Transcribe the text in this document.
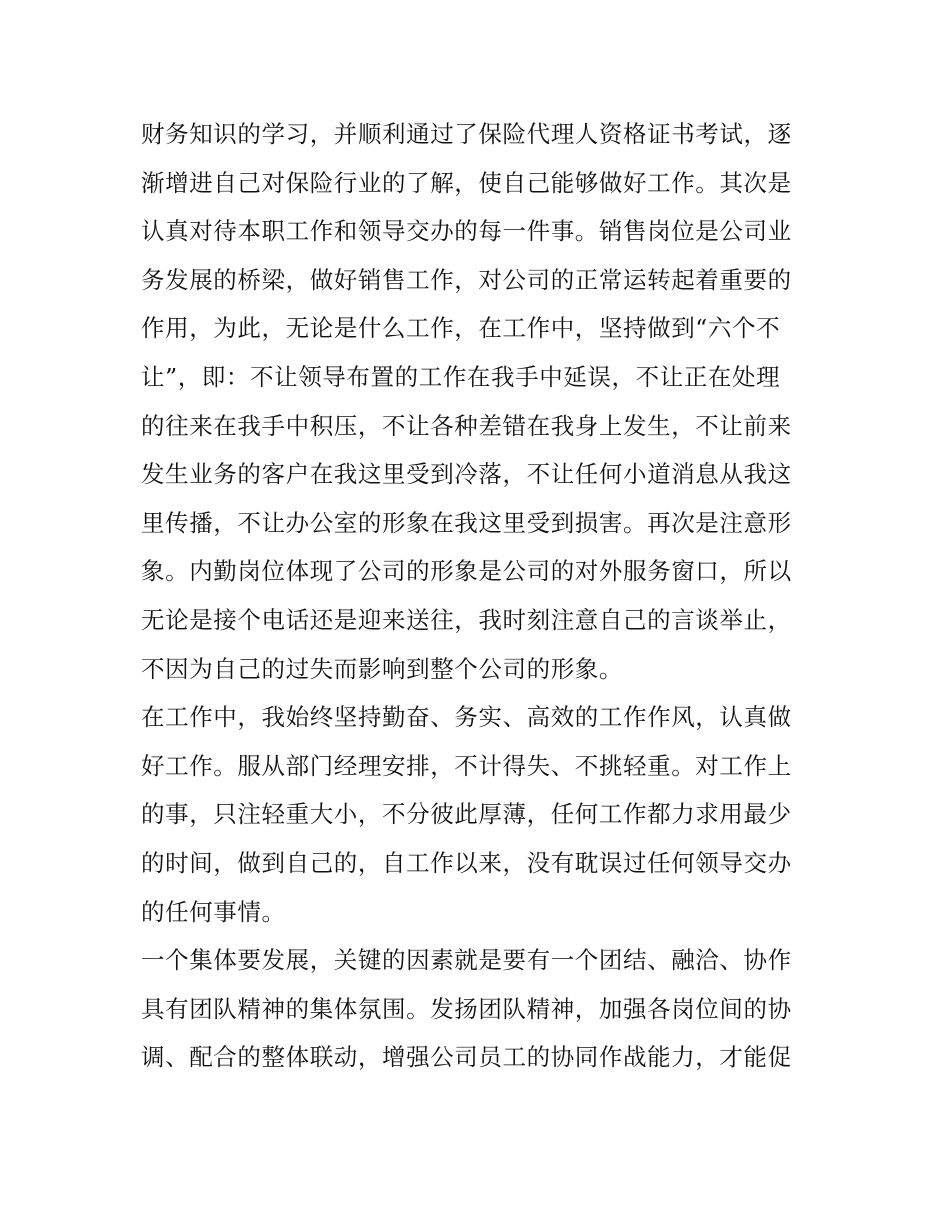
财务知识的学习，并顺利通过了保险代理人资格证书考试，逐
渐增进自己对保险行业的了解，使自己能够做好工作。其次是
认真对待本职工作和领导交办的每一件事。销售岗位是公司业
务发展的桥梁，做好销售工作，对公司的正常运转起着重要的
作用，为此，无论是什么工作，在工作中，坚持做到“六个不
让”，即：不让领导布置的工作在我手中延误，不让正在处理
的往来在我手中积压，不让各种差错在我身上发生，不让前来
发生业务的客户在我这里受到冷落，不让任何小道消息从我这
里传播，不让办公室的形象在我这里受到损害。再次是注意形
象。内勤岗位体现了公司的形象是公司的对外服务窗口，所以
无论是接个电话还是迎来送往，我时刻注意自己的言谈举止，
不因为自己的过失而影响到整个公司的形象。
在工作中，我始终坚持勤奋、务实、高效的工作作风，认真做
好工作。服从部门经理安排，不计得失、不挑轻重。对工作上
的事，只注轻重大小，不分彼此厚薄，任何工作都力求用最少
的时间，做到自己的，自工作以来，没有耽误过任何领导交办
的任何事情。
一个集体要发展，关键的因素就是要有一个团结、融洽、协作
具有团队精神的集体氛围。发扬团队精神，加强各岗位间的协
调、配合的整体联动，增强公司员工的协同作战能力，才能促
